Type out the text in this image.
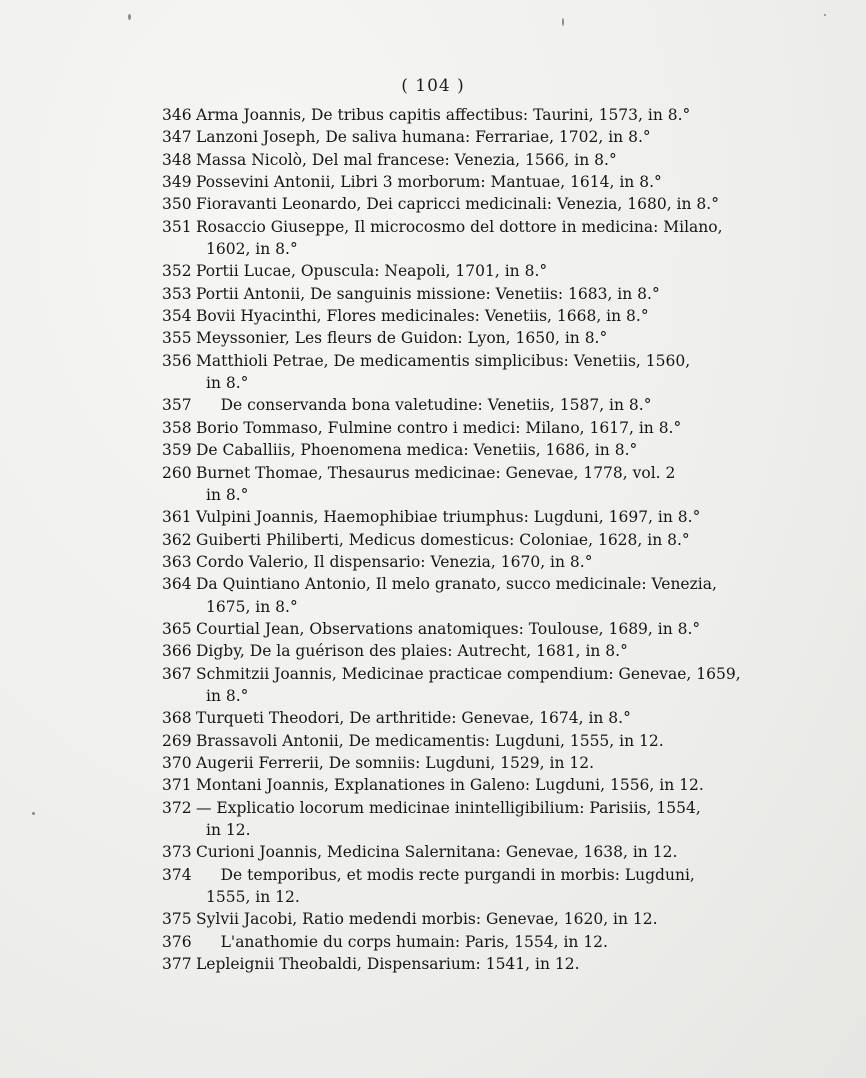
( 104 )
346 Arma Joannis, De tribus capitis affectibus: Taurini, 1573, in 8.°
347 Lanzoni Joseph, De saliva humana: Ferrariae, 1702, in 8.°
348 Massa Nicolò, Del mal francese: Venezia, 1566, in 8.°
349 Possevini Antonii, Libri 3 morborum: Mantuae, 1614, in 8.°
350 Fioravanti Leonardo, Dei capricci medicinali: Venezia, 1680, in 8.°
351 Rosaccio Giuseppe, Il microcosmo del dottore in medicina: Milano,
1602, in 8.°
352 Portii Lucae, Opuscula: Neapoli, 1701, in 8.°
353 Portii Antonii, De sanguinis missione: Venetiis: 1683, in 8.°
354 Bovii Hyacinthi, Flores medicinales: Venetiis, 1668, in 8.°
355 Meyssonier, Les fleurs de Guidon: Lyon, 1650, in 8.°
356 Matthioli Petrae, De medicamentis simplicibus: Venetiis, 1560,
in 8.°
357 De conservanda bona valetudine: Venetiis, 1587, in 8.°
358 Borio Tommaso, Fulmine contro i medici: Milano, 1617, in 8.°
359 De Caballiis, Phoenomena medica: Venetiis, 1686, in 8.°
260 Burnet Thomae, Thesaurus medicinae: Genevae, 1778, vol. 2
in 8.°
361 Vulpini Joannis, Haemophibiae triumphus: Lugduni, 1697, in 8.°
362 Guiberti Philiberti, Medicus domesticus: Coloniae, 1628, in 8.°
363 Cordo Valerio, Il dispensario: Venezia, 1670, in 8.°
364 Da Quintiano Antonio, Il melo granato, succo medicinale: Venezia,
1675, in 8.°
365 Courtial Jean, Observations anatomiques: Toulouse, 1689, in 8.°
366 Digby, De la guérison des plaies: Autrecht, 1681, in 8.°
367 Schmitzii Joannis, Medicinae practicae compendium: Genevae, 1659,
in 8.°
368 Turqueti Theodori, De arthritide: Genevae, 1674, in 8.°
269 Brassavoli Antonii, De medicamentis: Lugduni, 1555, in 12.
370 Augerii Ferrerii, De somniis: Lugduni, 1529, in 12.
371 Montani Joannis, Explanationes in Galeno: Lugduni, 1556, in 12.
372 — Explicatio locorum medicinae inintelligibilium: Parisiis, 1554,
in 12.
373 Curioni Joannis, Medicina Salernitana: Genevae, 1638, in 12.
374 De temporibus, et modis recte purgandi in morbis: Lugduni,
1555, in 12.
375 Sylvii Jacobi, Ratio medendi morbis: Genevae, 1620, in 12.
376 L'anathomie du corps humain: Paris, 1554, in 12.
377 Lepleignii Theobaldi, Dispensarium: 1541, in 12.
